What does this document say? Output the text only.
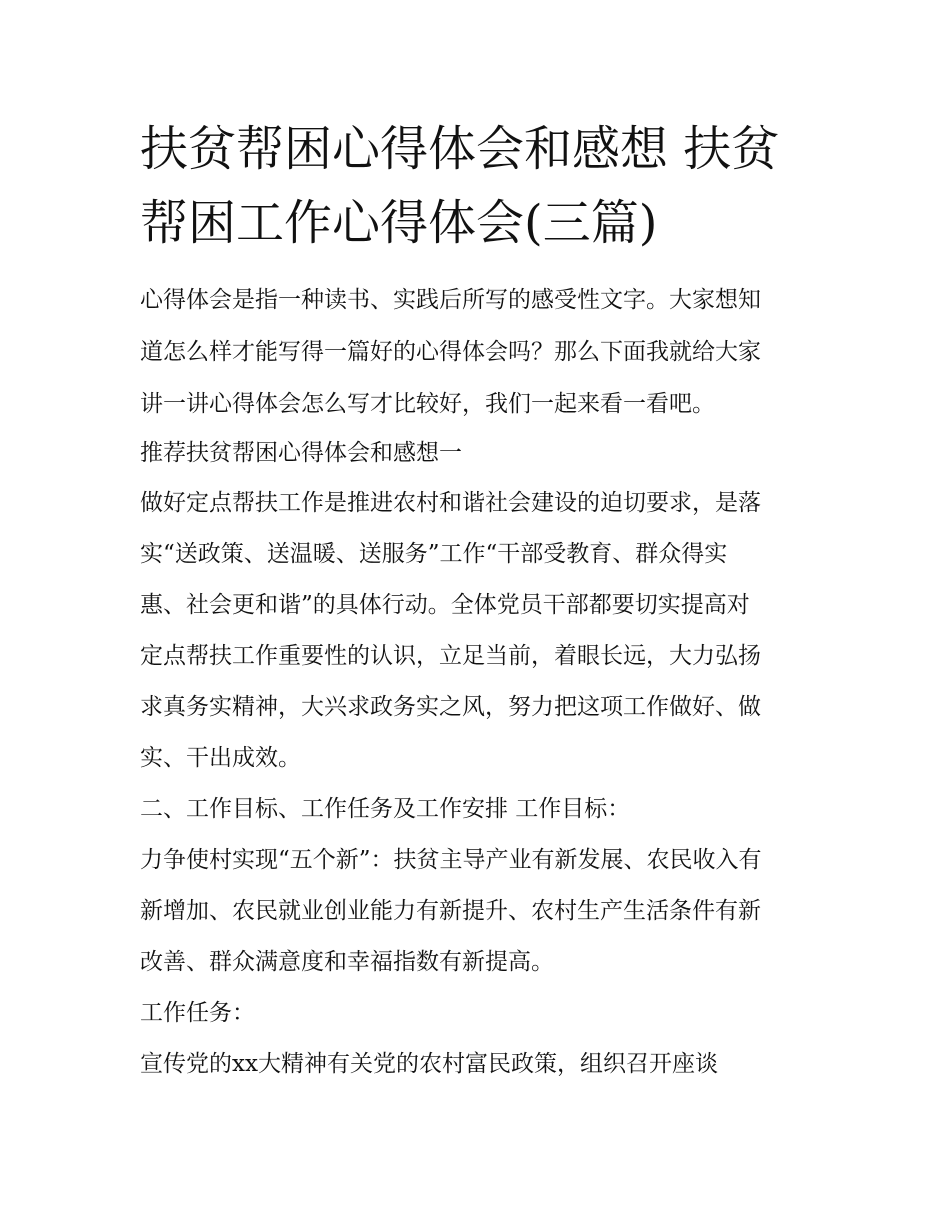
扶贫帮困心得体会和感想 扶贫
帮困工作心得体会(三篇)

心得体会是指一种读书、实践后所写的感受性文字。大家想知

道怎么样才能写得一篇好的心得体会吗？那么下面我就给大家

讲一讲心得体会怎么写才比较好，我们一起来看一看吧。

推荐扶贫帮困心得体会和感想一

做好定点帮扶工作是推进农村和谐社会建设的迫切要求，是落

实“送政策、送温暖、送服务”工作“干部受教育、群众得实

惠、社会更和谐”的具体行动。全体党员干部都要切实提高对

定点帮扶工作重要性的认识，立足当前，着眼长远，大力弘扬

求真务实精神，大兴求政务实之风，努力把这项工作做好、做

实、干出成效。

二、工作目标、工作任务及工作安排 工作目标：

力争使村实现“五个新”：扶贫主导产业有新发展、农民收入有

新增加、农民就业创业能力有新提升、农村生产生活条件有新

改善、群众满意度和幸福指数有新提高。

工作任务：

宣传党的xx大精神有关党的农村富民政策，组织召开座谈
